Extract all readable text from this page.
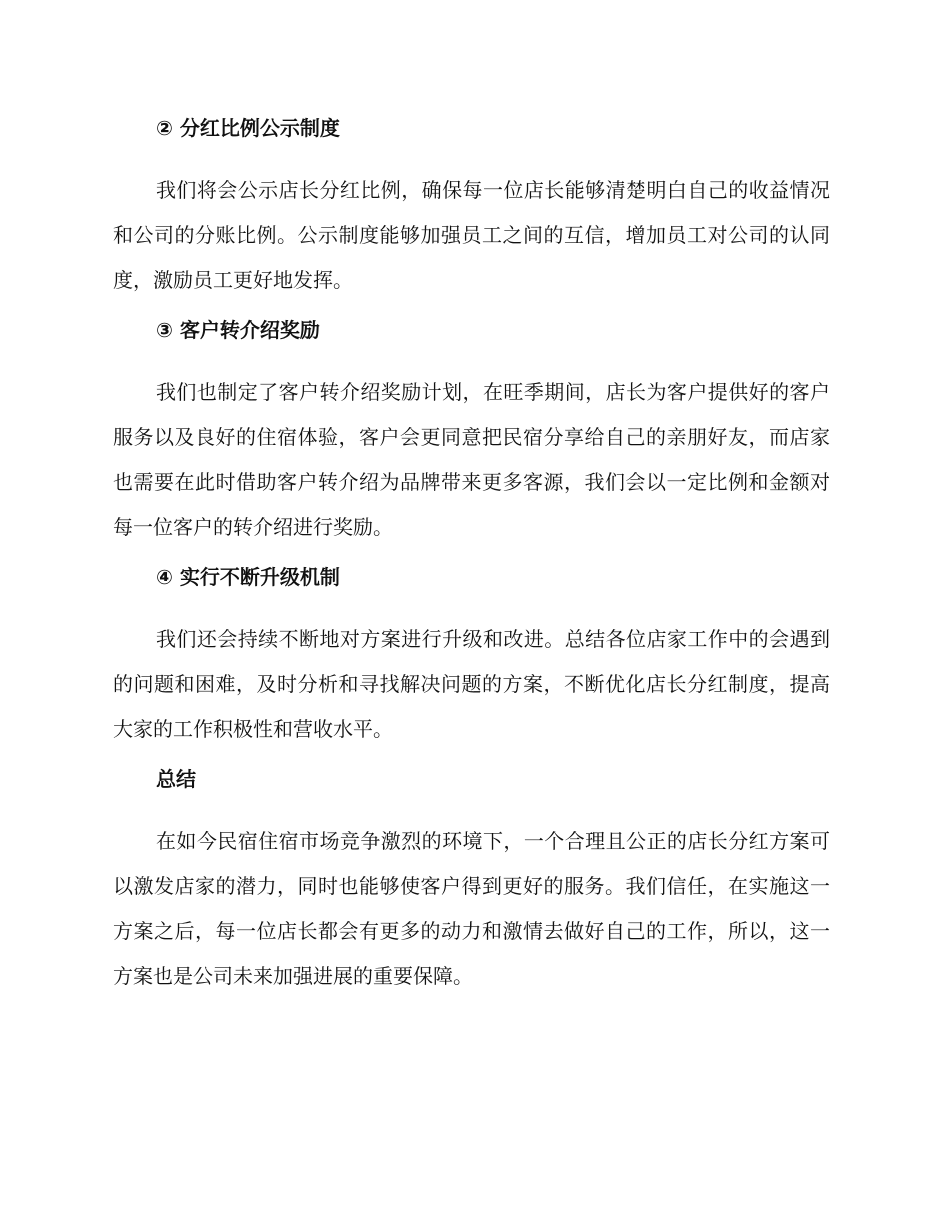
② 分红比例公示制度

我们将会公示店长分红比例，确保每一位店长能够清楚明白自己的收益情况和公司的分账比例。公示制度能够加强员工之间的互信，增加员工对公司的认同度，激励员工更好地发挥。

③ 客户转介绍奖励

我们也制定了客户转介绍奖励计划，在旺季期间，店长为客户提供好的客户服务以及良好的住宿体验，客户会更同意把民宿分享给自己的亲朋好友，而店家也需要在此时借助客户转介绍为品牌带来更多客源，我们会以一定比例和金额对每一位客户的转介绍进行奖励。

④ 实行不断升级机制

我们还会持续不断地对方案进行升级和改进。总结各位店家工作中的会遇到的问题和困难，及时分析和寻找解决问题的方案，不断优化店长分红制度，提高大家的工作积极性和营收水平。

总结

在如今民宿住宿市场竞争激烈的环境下，一个合理且公正的店长分红方案可以激发店家的潜力，同时也能够使客户得到更好的服务。我们信任，在实施这一方案之后，每一位店长都会有更多的动力和激情去做好自己的工作，所以，这一方案也是公司未来加强进展的重要保障。
